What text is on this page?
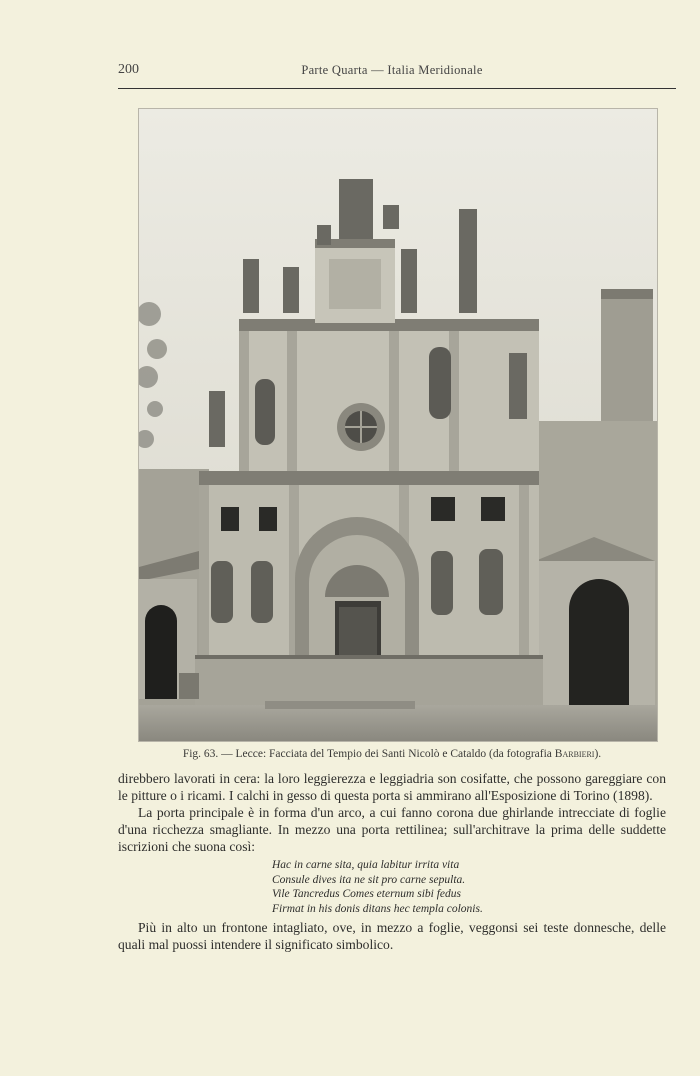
200	Parte Quarta — Italia Meridionale
Fig. 63. — Lecce: Facciata del Tempio dei Santi Nicolò e Cataldo (da fotografia Barbieri).

direbbero lavorati in cera: la loro leggierezza e leggiadria son cosifatte, che possono gareggiare con le pitture o i ricami. I calchi in gesso di questa porta si ammirano all'Esposizione di Torino (1898).

La porta principale è in forma d'un arco, a cui fanno corona due ghirlande intrecciate di foglie d'una ricchezza smagliante. In mezzo una porta rettilinea; sull'architrave la prima delle suddette iscrizioni che suona così:

Hac in carne sita, quia labitur irrita vita
Consule dives ita ne sit pro carne sepulta.
Vile Tancredus Comes eternum sibi fedus
Firmat in his donis ditans hec templa colonis.

Più in alto un frontone intagliato, ove, in mezzo a foglie, veggonsi sei teste donnesche, delle quali mal puossi intendere il significato simbolico.
